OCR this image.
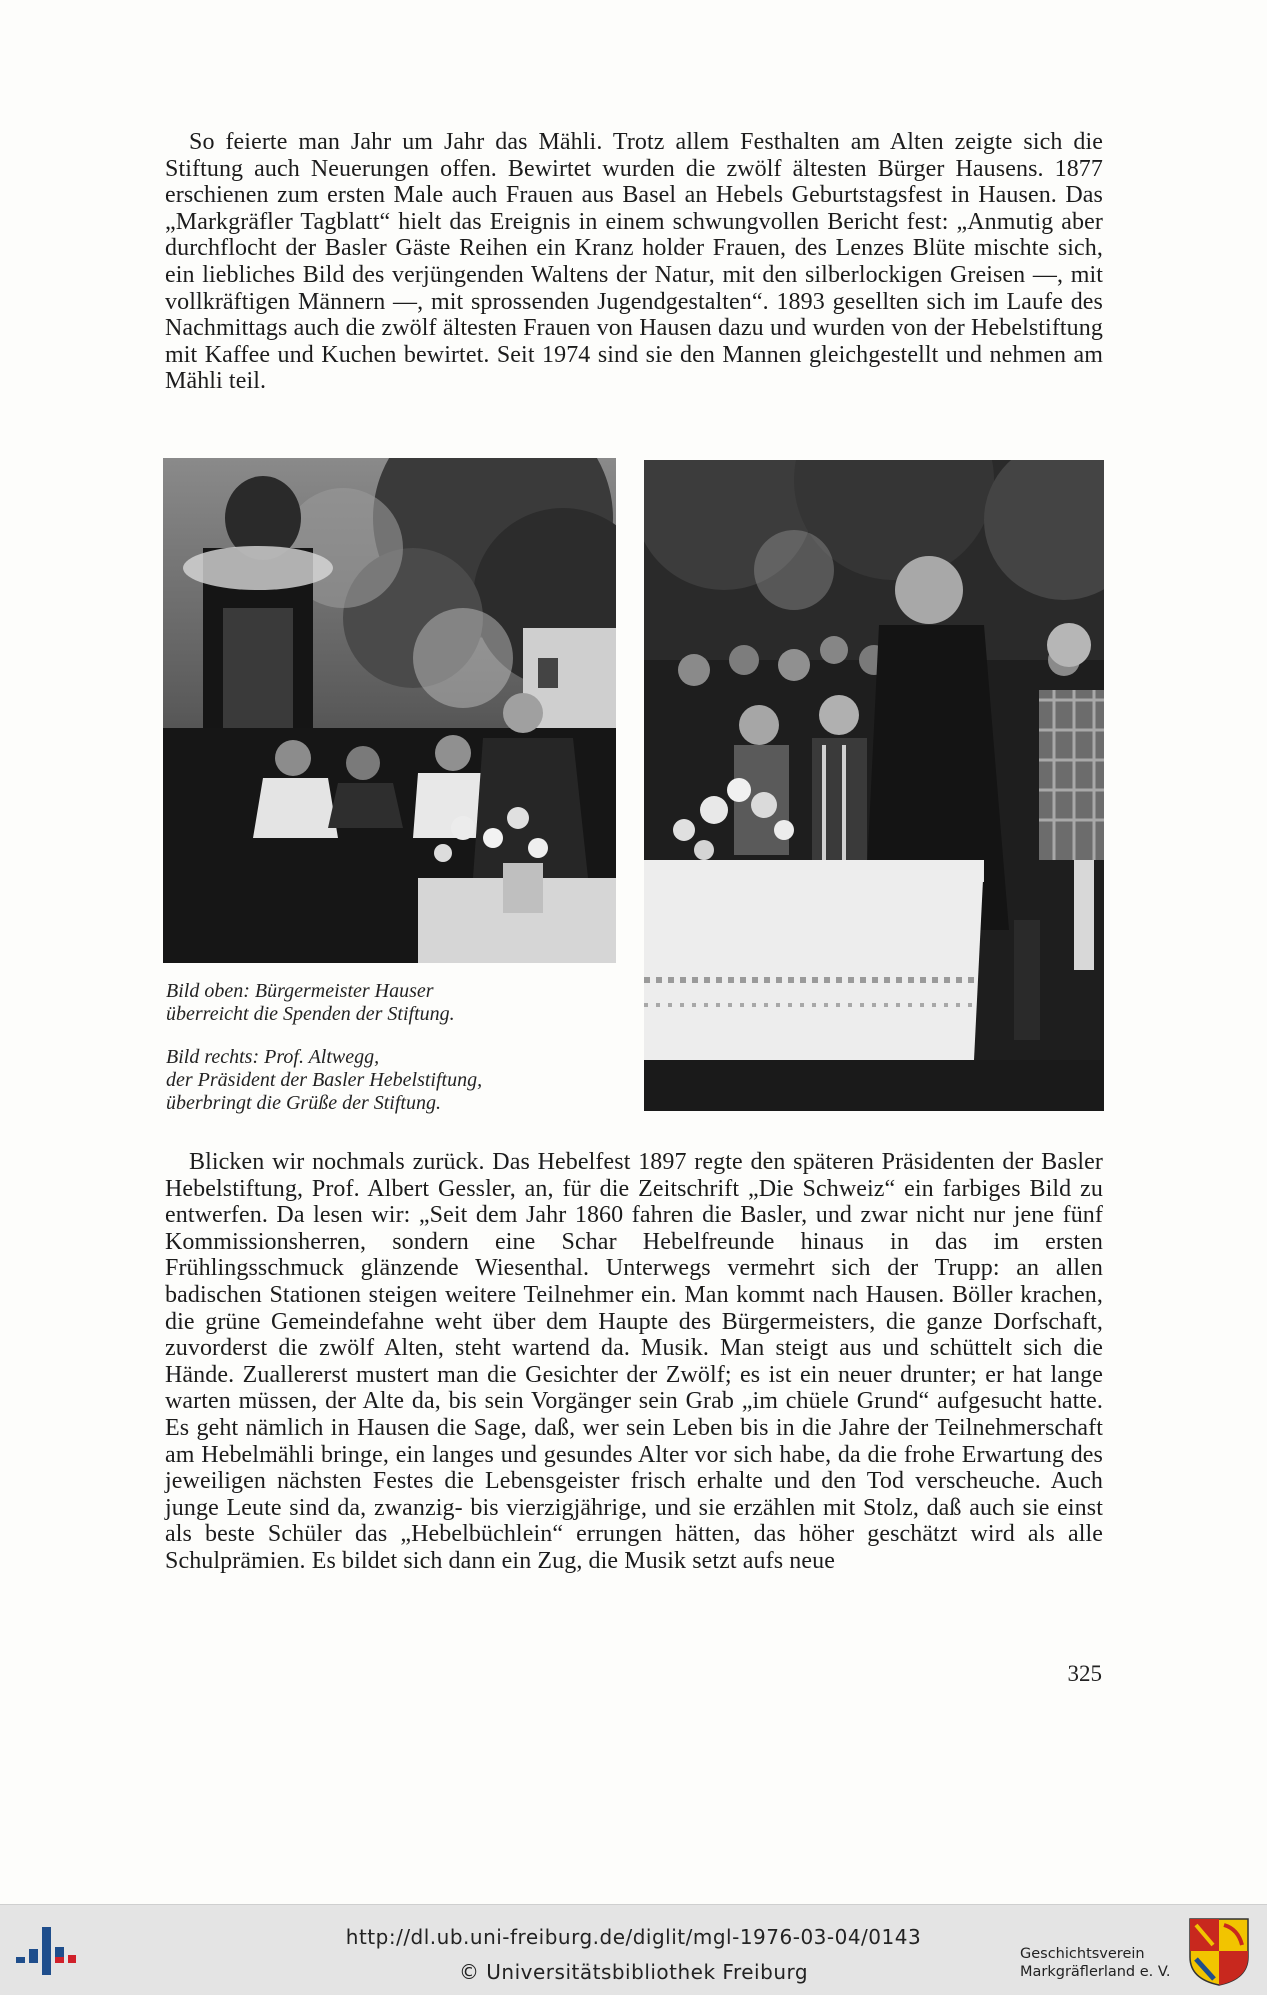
So feierte man Jahr um Jahr das Mähli. Trotz allem Festhalten am Alten zeigte sich die Stiftung auch Neuerungen offen. Bewirtet wurden die zwölf ältesten Bürger Hausens. 1877 erschienen zum ersten Male auch Frauen aus Basel an Hebels Geburtstagsfest in Hausen. Das „Markgräfler Tagblatt“ hielt das Ereignis in einem schwungvollen Bericht fest: „Anmutig aber durchflocht der Basler Gäste Reihen ein Kranz holder Frauen, des Lenzes Blüte mischte sich, ein liebliches Bild des verjüngenden Waltens der Natur, mit den silberlockigen Greisen —, mit vollkräftigen Männern —, mit sprossenden Jugendgestalten“. 1893 gesellten sich im Laufe des Nachmittags auch die zwölf ältesten Frauen von Hausen dazu und wurden von der Hebelstiftung mit Kaffee und Kuchen bewirtet. Seit 1974 sind sie den Mannen gleichgestellt und nehmen am Mähli teil.

Bild oben: Bürgermeister Hauser
überreicht die Spenden der Stiftung.
Bild rechts: Prof. Altwegg,
der Präsident der Basler Hebelstiftung,
überbringt die Grüße der Stiftung.

Blicken wir nochmals zurück. Das Hebelfest 1897 regte den späteren Präsidenten der Basler Hebelstiftung, Prof. Albert Gessler, an, für die Zeitschrift „Die Schweiz“ ein farbiges Bild zu entwerfen. Da lesen wir: „Seit dem Jahr 1860 fahren die Basler, und zwar nicht nur jene fünf Kommissionsherren, sondern eine Schar Hebelfreunde hinaus in das im ersten Frühlingsschmuck glänzende Wiesenthal. Unterwegs vermehrt sich der Trupp: an allen badischen Stationen steigen weitere Teilnehmer ein. Man kommt nach Hausen. Böller krachen, die grüne Gemeindefahne weht über dem Haupte des Bürgermeisters, die ganze Dorfschaft, zuvorderst die zwölf Alten, steht wartend da. Musik. Man steigt aus und schüttelt sich die Hände. Zuallererst mustert man die Gesichter der Zwölf; es ist ein neuer drunter; er hat lange warten müssen, der Alte da, bis sein Vorgänger sein Grab „im chüele Grund“ aufgesucht hatte. Es geht nämlich in Hausen die Sage, daß, wer sein Leben bis in die Jahre der Teilnehmerschaft am Hebelmähli bringe, ein langes und gesundes Alter vor sich habe, da die frohe Erwartung des jeweiligen nächsten Festes die Lebensgeister frisch erhalte und den Tod verscheuche. Auch junge Leute sind da, zwanzig- bis vierzigjährige, und sie erzählen mit Stolz, daß auch sie einst als beste Schüler das „Hebelbüchlein“ errungen hätten, das höher geschätzt wird als alle Schulprämien. Es bildet sich dann ein Zug, die Musik setzt aufs neue

325
http://dl.ub.uni-freiburg.de/diglit/mgl-1976-03-04/0143
© Universitätsbibliothek Freiburg
Geschichtsverein
Markgräflerland e. V.
